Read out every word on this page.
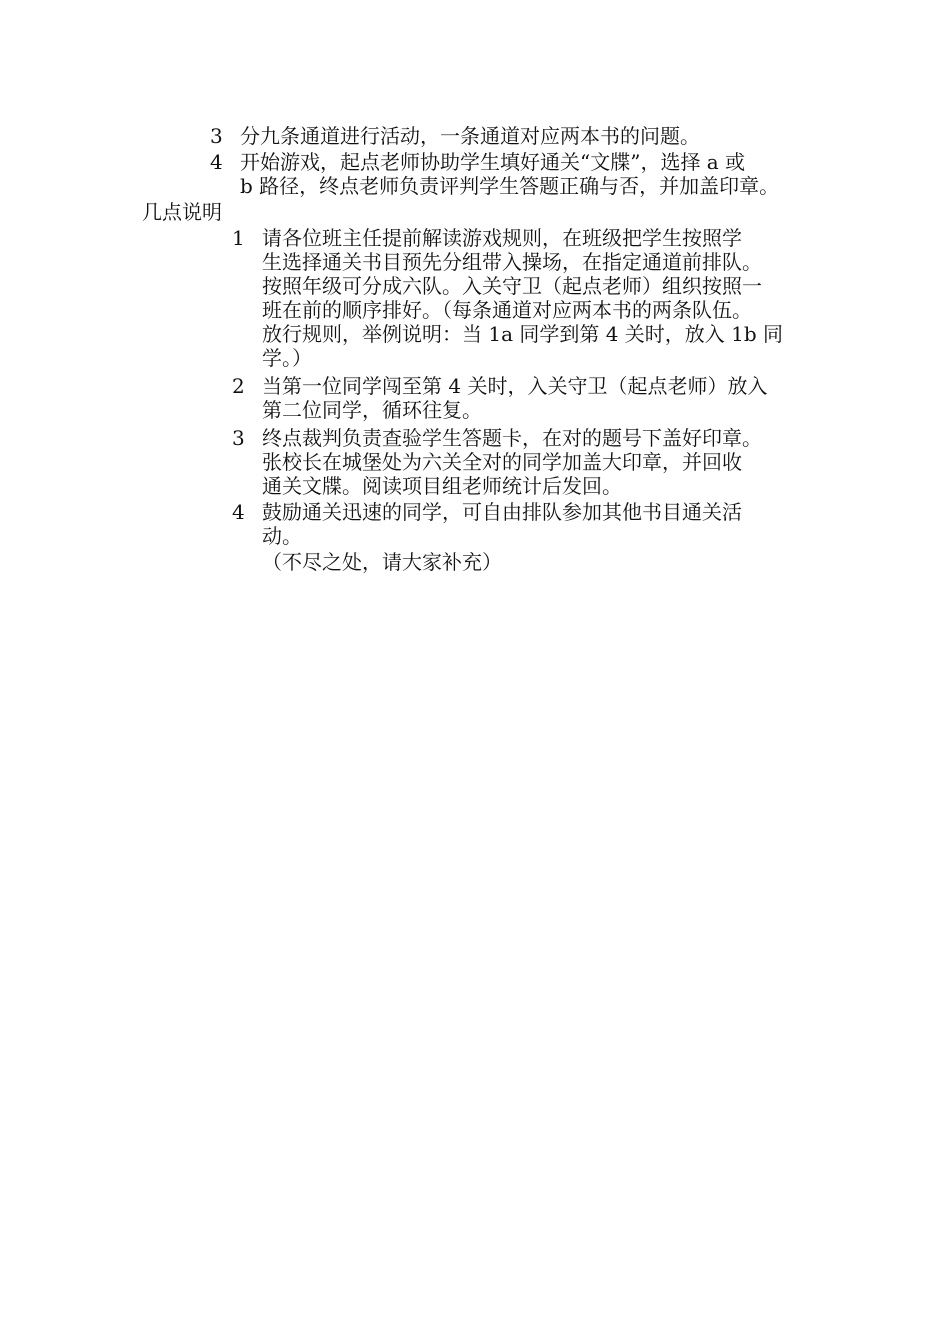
3 分九条通道进行活动，一条通道对应两本书的问题。
4 开始游戏，起点老师协助学生填好通关“文牒”，选择 a 或
b 路径，终点老师负责评判学生答题正确与否，并加盖印章。
几点说明
1 请各位班主任提前解读游戏规则，在班级把学生按照学
生选择通关书目预先分组带入操场，在指定通道前排队。
按照年级可分成六队。入关守卫（起点老师）组织按照一
班在前的顺序排好。（每条通道对应两本书的两条队伍。
放行规则，举例说明：当 1a 同学到第 4 关时，放入 1b 同
学。）
2 当第一位同学闯至第 4 关时，入关守卫（起点老师）放入
第二位同学，循环往复。
3 终点裁判负责查验学生答题卡，在对的题号下盖好印章。
张校长在城堡处为六关全对的同学加盖大印章，并回收
通关文牒。阅读项目组老师统计后发回。
4 鼓励通关迅速的同学，可自由排队参加其他书目通关活
动。
（不尽之处，请大家补充）
